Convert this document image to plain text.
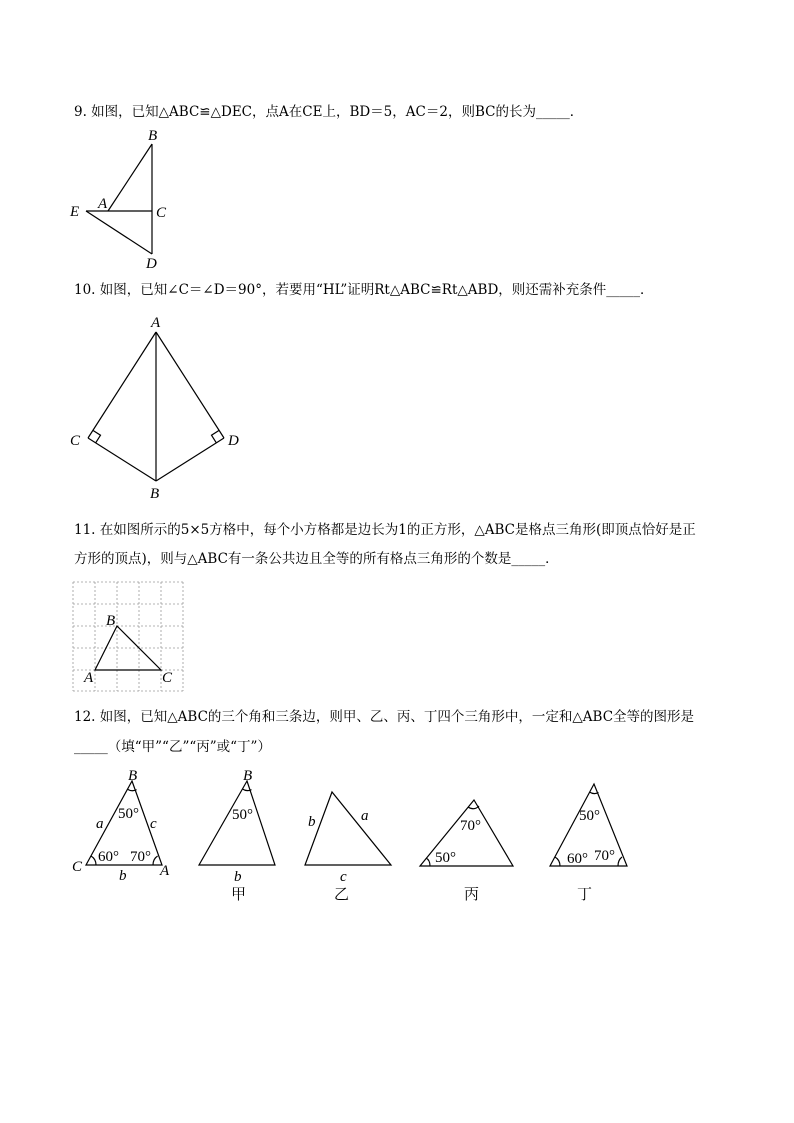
9. 如图，已知△ABC≌△DEC，点A在CE上，BD＝5，AC＝2，则BC的长为_____．
B
E A
C
D
10. 如图，已知∠C＝∠D＝90°，若要用“HL”证明Rt△ABC≌Rt△ABD，则还需补充条件_____．
A
C	D
B
11. 在如图所示的5×5方格中，每个小方格都是边长为1的正方形，△ABC是格点三角形(即顶点恰好是正
方形的顶点)，则与△ABC有一条公共边且全等的所有格点三角形的个数是_____．
B
A	C
12. 如图，已知△ABC的三个角和三条边，则甲、乙、丙、丁四个三角形中，一定和△ABC全等的图形是
_____（填“甲”“乙”“丙”或“丁”）
B
C	A
a	c
b
50°
60° 70°
B
50°
b
b	a
c
70°
50°
50°
60° 70°
甲	乙	丙	丁
